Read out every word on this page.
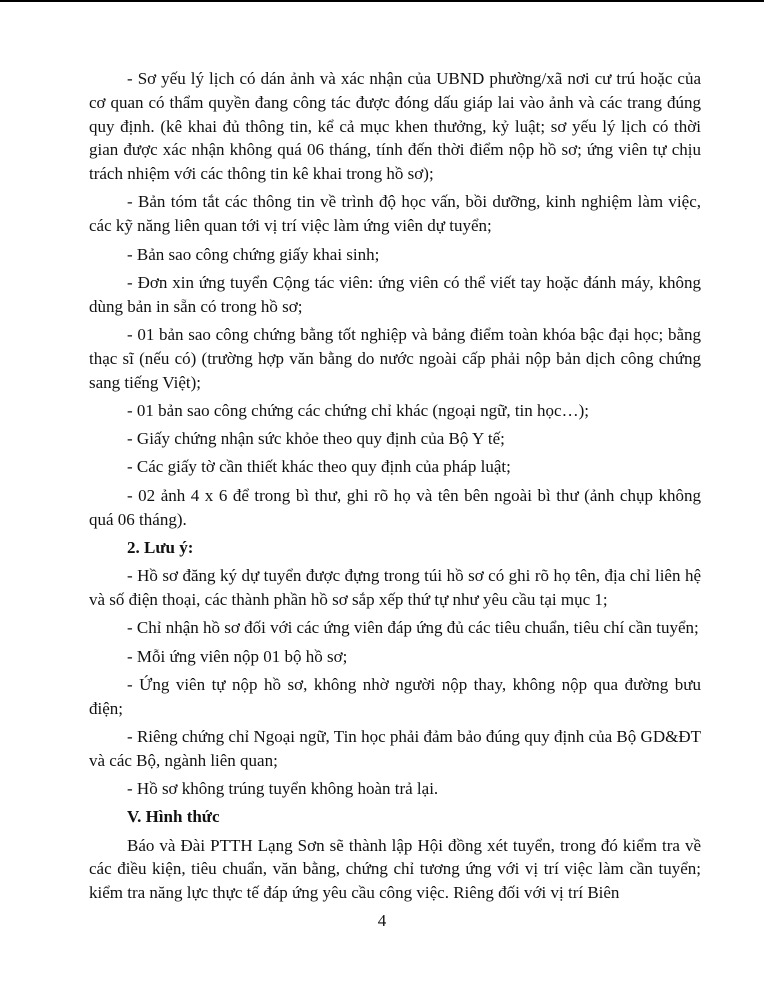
- Sơ yếu lý lịch có dán ảnh và xác nhận của UBND phường/xã nơi cư trú hoặc của cơ quan có thẩm quyền đang công tác được đóng dấu giáp lai vào ảnh và các trang đúng quy định. (kê khai đủ thông tin, kể cả mục khen thưởng, kỷ luật; sơ yếu lý lịch có thời gian được xác nhận không quá 06 tháng, tính đến thời điểm nộp hồ sơ; ứng viên tự chịu trách nhiệm với các thông tin kê khai trong hồ sơ);

- Bản tóm tắt các thông tin về trình độ học vấn, bồi dưỡng, kinh nghiệm làm việc, các kỹ năng liên quan tới vị trí việc làm ứng viên dự tuyển;

- Bản sao công chứng giấy khai sinh;

- Đơn xin ứng tuyển Cộng tác viên: ứng viên có thể viết tay hoặc đánh máy, không dùng bản in sẵn có trong hồ sơ;

- 01 bản sao công chứng bằng tốt nghiệp và bảng điểm toàn khóa bậc đại học; bằng thạc sĩ (nếu có) (trường hợp văn bằng do nước ngoài cấp phải nộp bản dịch công chứng sang tiếng Việt);

- 01 bản sao công chứng các chứng chỉ khác (ngoại ngữ, tin học…);

- Giấy chứng nhận sức khỏe theo quy định của Bộ Y tế;

- Các giấy tờ cần thiết khác theo quy định của pháp luật;

- 02 ảnh 4 x 6 để trong bì thư, ghi rõ họ và tên bên ngoài bì thư (ảnh chụp không quá 06 tháng).

2. Lưu ý:

- Hồ sơ đăng ký dự tuyển được đựng trong túi hồ sơ có ghi rõ họ tên, địa chỉ liên hệ và số điện thoại, các thành phần hồ sơ sắp xếp thứ tự như yêu cầu tại mục 1;

- Chỉ nhận hồ sơ đối với các ứng viên đáp ứng đủ các tiêu chuẩn, tiêu chí cần tuyển;

- Mỗi ứng viên nộp 01 bộ hồ sơ;

- Ứng viên tự nộp hồ sơ, không nhờ người nộp thay, không nộp qua đường bưu điện;

- Riêng chứng chỉ Ngoại ngữ, Tin học phải đảm bảo đúng quy định của Bộ GD&ĐT và các Bộ, ngành liên quan;

- Hồ sơ không trúng tuyển không hoàn trả lại.

V. Hình thức

Báo và Đài PTTH Lạng Sơn sẽ thành lập Hội đồng xét tuyển, trong đó kiểm tra về các điều kiện, tiêu chuẩn, văn bằng, chứng chỉ tương ứng với vị trí việc làm cần tuyển; kiểm tra năng lực thực tế đáp ứng yêu cầu công việc. Riêng đối với vị trí Biên

4
